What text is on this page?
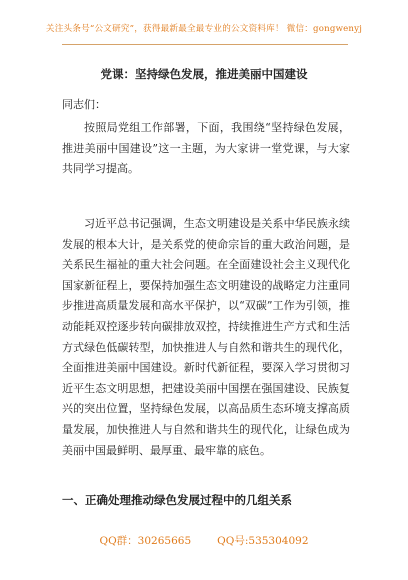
关注头条号“公文研究”，获得最新最全最专业的公文资料库！ 微信：gongwenyj
党课：坚持绿色发展，推进美丽中国建设
同志们：

按照局党组工作部署，下面，我围绕“坚持绿色发展，推进美丽中国建设”这一主题，为大家讲一堂党课，与大家共同学习提高。

习近平总书记强调，生态文明建设是关系中华民族永续发展的根本大计，是关系党的使命宗旨的重大政治问题，是关系民生福祉的重大社会问题。在全面建设社会主义现代化国家新征程上，要保持加强生态文明建设的战略定力注重同步推进高质量发展和高水平保护，以“双碳”工作为引领，推动能耗双控逐步转向碳排放双控，持续推进生产方式和生活方式绿色低碳转型，加快推进人与自然和谐共生的现代化，全面推进美丽中国建设。新时代新征程，要深入学习贯彻习近平生态文明思想，把建设美丽中国摆在强国建设、民族复兴的突出位置，坚持绿色发展，以高品质生态环境支撑高质量发展，加快推进人与自然和谐共生的现代化，让绿色成为美丽中国最鲜明、最厚重、最牢靠的底色。

一、正确处理推动绿色发展过程中的几组关系
QQ群：30265665 QQ号:535304092
